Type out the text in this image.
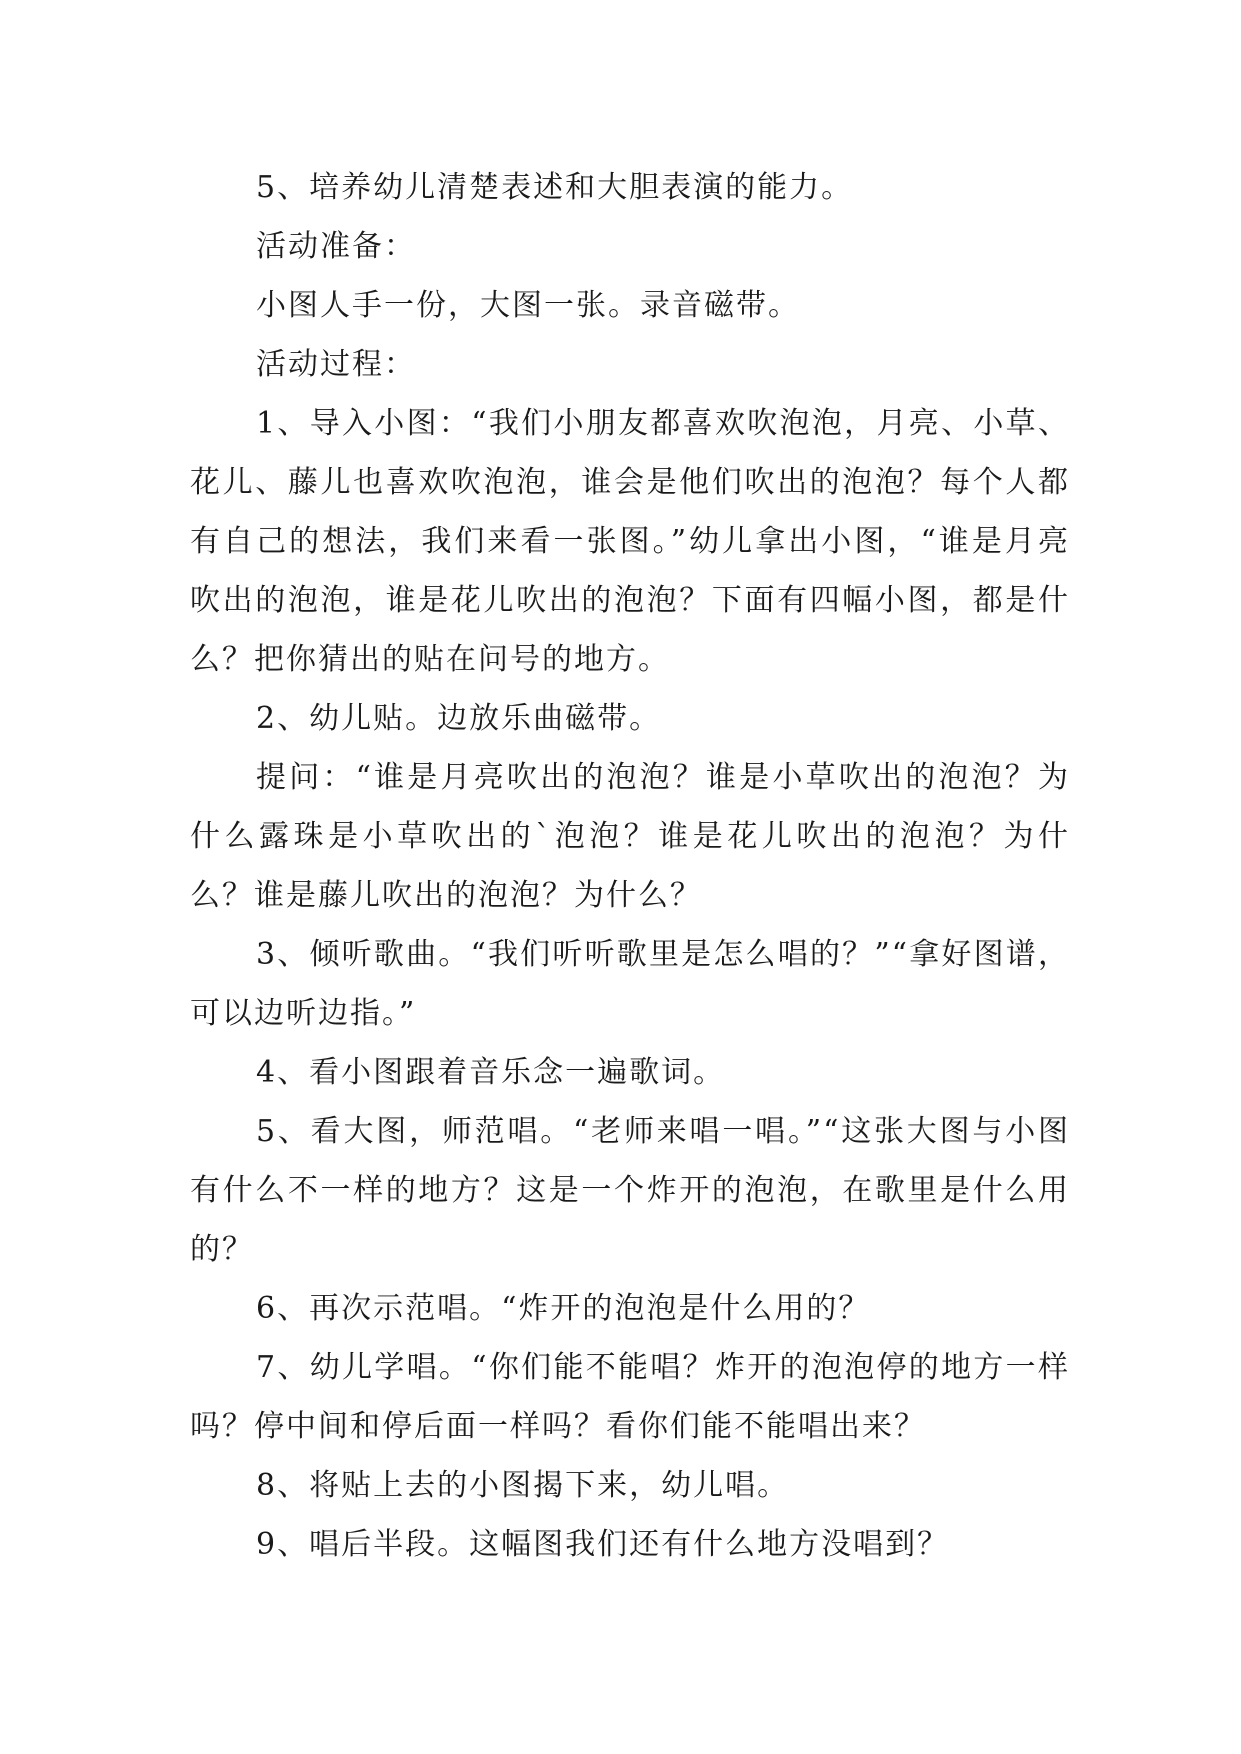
5、培养幼儿清楚表述和大胆表演的能力。

活动准备：

小图人手一份，大图一张。录音磁带。

活动过程：

1、导入小图：“我们小朋友都喜欢吹泡泡，月亮、小草、花儿、藤儿也喜欢吹泡泡，谁会是他们吹出的泡泡？每个人都有自己的想法，我们来看一张图。”幼儿拿出小图，“谁是月亮吹出的泡泡，谁是花儿吹出的泡泡？下面有四幅小图，都是什么？把你猜出的贴在问号的地方。

2、幼儿贴。边放乐曲磁带。

提问：“谁是月亮吹出的泡泡？谁是小草吹出的泡泡？为什么露珠是小草吹出的`泡泡？谁是花儿吹出的泡泡？为什么？谁是藤儿吹出的泡泡？为什么？

3、倾听歌曲。“我们听听歌里是怎么唱的？”“拿好图谱，可以边听边指。”

4、看小图跟着音乐念一遍歌词。

5、看大图，师范唱。“老师来唱一唱。”“这张大图与小图有什么不一样的地方？这是一个炸开的泡泡，在歌里是什么用的？

6、再次示范唱。“炸开的泡泡是什么用的？

7、幼儿学唱。“你们能不能唱？炸开的泡泡停的地方一样吗？停中间和停后面一样吗？看你们能不能唱出来？

8、将贴上去的小图揭下来，幼儿唱。

9、唱后半段。这幅图我们还有什么地方没唱到？
